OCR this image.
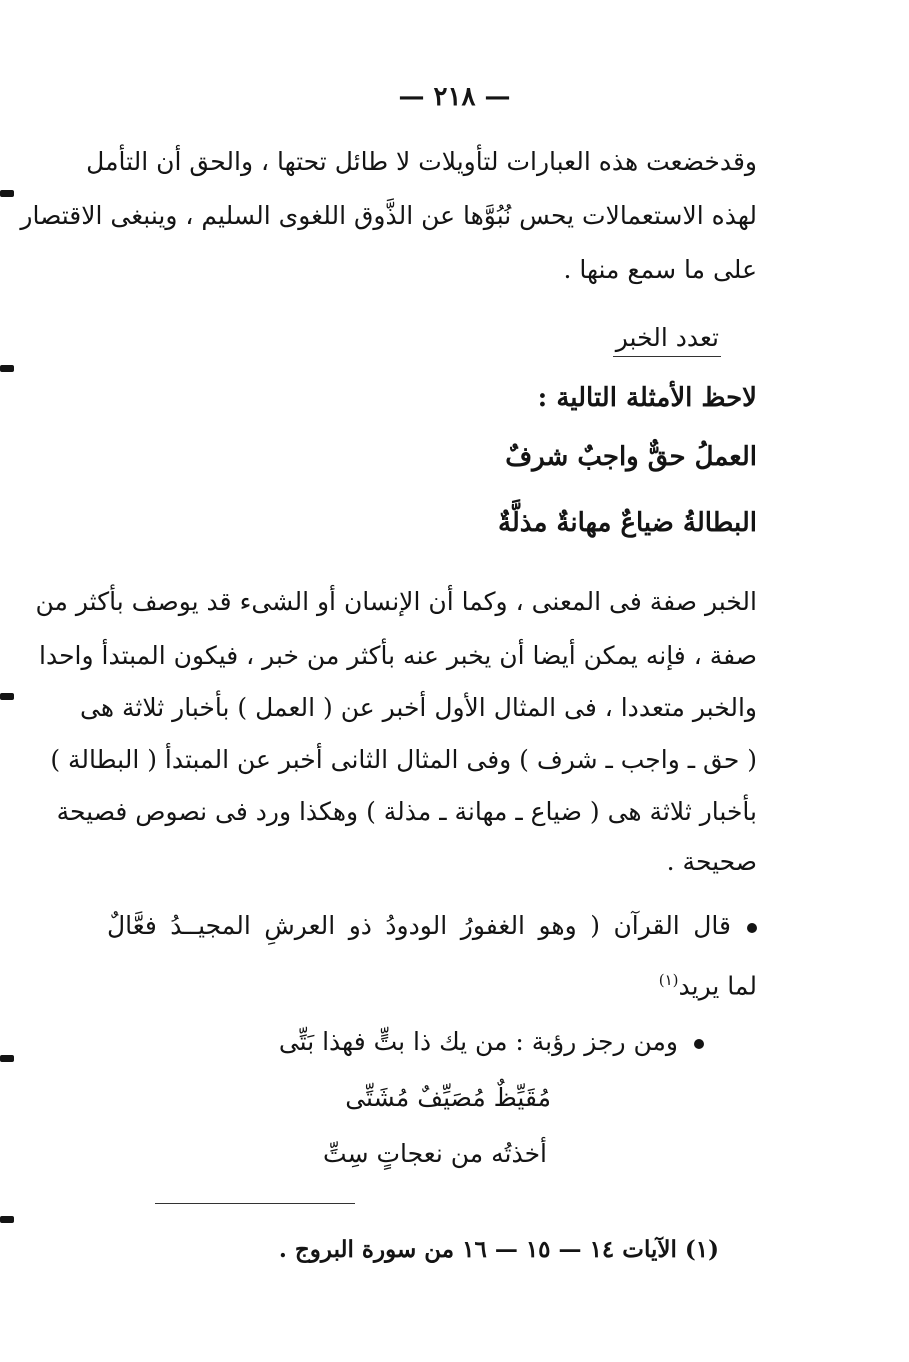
— ٢١٨ —

وقدخضعت هذه العبارات لتأويلات لا طائل تحتها ، والحق أن التأمل

لهذه الاستعمالات يحس نُبُوَّها عن الذَّوق اللغوى السليم ، وينبغى الاقتصار

على ما سمع منها .

تعدد الخبر
لاحظ الأمثلة التالية :
العملُ حقٌّ واجبٌ شرفٌ
البطالةُ ضياعٌ مهانةٌ مذلَّةٌ

الخبر صفة فى المعنى ، وكما أن الإنسان أو الشىء قد يوصف بأكثر من

صفة ، فإنه يمكن أيضا أن يخبر عنه بأكثر من خبر ، فيكون المبتدأ واحدا

والخبر متعددا ، فى المثال الأول أخبر عن ( العمل ) بأخبار ثلاثة هى

( حق ـ واجب ـ شرف ) وفى المثال الثانى أخبر عن المبتدأ ( البطالة )

بأخبار ثلاثة هى ( ضياع ـ مهانة ـ مذلة ) وهكذا ورد فى نصوص فصيحة

صحيحة .

قال القرآن ( وهو الغفورُ الودودُ ذو العرشِ المجيــدُ فعَّالٌ
لما يريد$^{(١)}$
ومن رجز رؤبة : من يك ذا بتٍّ فهذا بَتِّى
مُقَيِّظٌ مُصَيِّفٌ مُشَتِّى
أخذتُه من نعجاتٍ سِتِّ
(١) الآيات ١٤ — ١٥ — ١٦ من سورة البروج .
